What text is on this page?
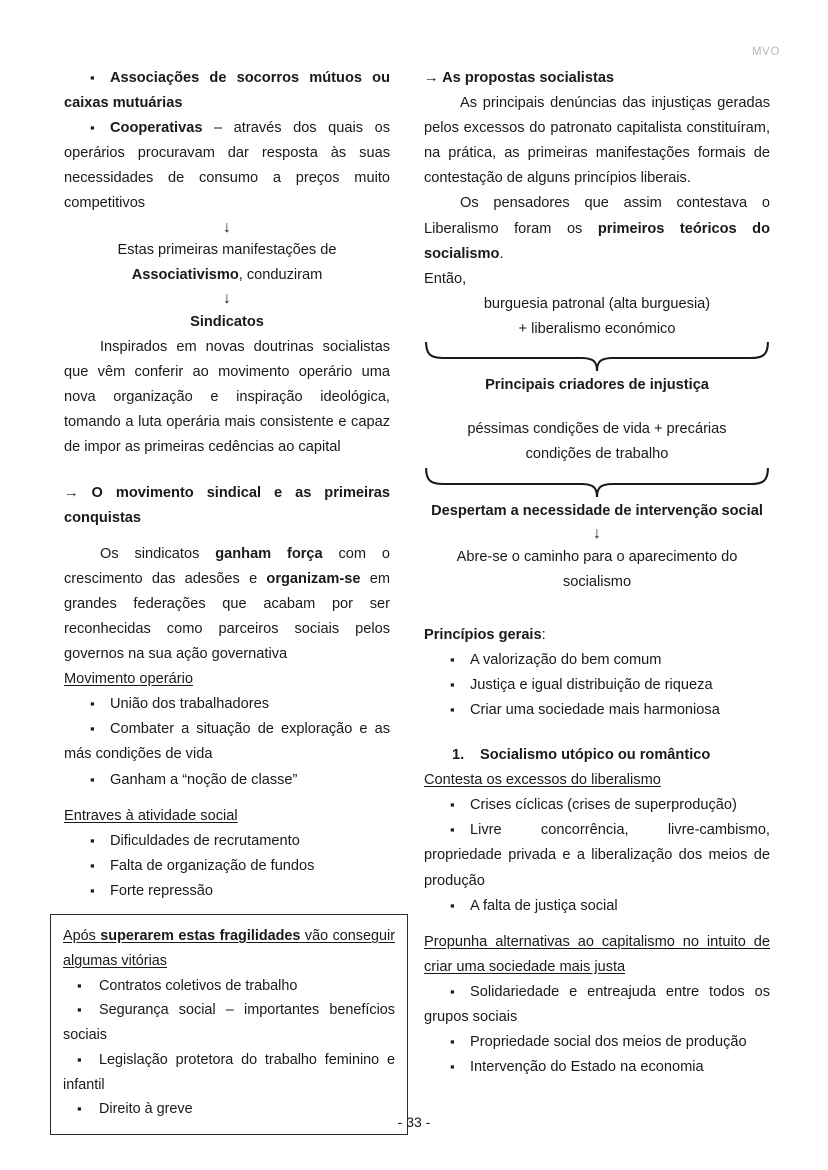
MVO
▪Associações de socorros mútuos ou caixas mutuárias
▪Cooperativas – através dos quais os operários procuravam dar resposta às suas necessidades de consumo a preços muito competitivos
↓
Estas primeiras manifestações de
Associativismo, conduziram
↓
Sindicatos

Inspirados em novas doutrinas socialistas que vêm conferir ao movimento operário uma nova organização e inspiração ideológica, tomando a luta operária mais consistente e capaz de impor as primeiras cedências ao capital

→ O movimento sindical e as primeiras conquistas

Os sindicatos ganham força com o crescimento das adesões e organizam-se em grandes federações que acabam por ser reconhecidas como parceiros sociais pelos governos na sua ação governativa

Movimento operário

▪União dos trabalhadores
▪Combater a situação de exploração e as más condições de vida
▪Ganham a “noção de classe”

Entraves à atividade social

▪Dificuldades de recrutamento
▪Falta de organização de fundos
▪Forte repressão

Após superarem estas fragilidades vão conseguir algumas vitórias

▪Contratos coletivos de trabalho
▪Segurança social – importantes benefícios sociais
▪Legislação protetora do trabalho feminino e infantil
▪Direito à greve

→ As propostas socialistas

As principais denúncias das injustiças geradas pelos excessos do patronato capitalista constituíram, na prática, as primeiras manifestações formais de contestação de alguns princípios liberais.

Os pensadores que assim contestava o Liberalismo foram os primeiros teóricos do socialismo.

Então,

burguesia patronal (alta burguesia)
+ liberalismo económico
Principais criadores de injustiça
péssimas condições de vida + precárias
condições de trabalho
Despertam a necessidade de intervenção social
↓
Abre-se o caminho para o aparecimento do
socialismo

Princípios gerais:

▪A valorização do bem comum
▪Justiça e igual distribuição de riqueza
▪Criar uma sociedade mais harmoniosa

1. Socialismo utópico ou romântico

Contesta os excessos do liberalismo

▪Crises cíclicas (crises de superprodução)
▪Livre concorrência, livre-cambismo, propriedade privada e a liberalização dos meios de produção
▪A falta de justiça social

Propunha alternativas ao capitalismo no intuito de criar uma sociedade mais justa

▪Solidariedade e entreajuda entre todos os grupos sociais
▪Propriedade social dos meios de produção
▪Intervenção do Estado na economia
- 33 -
